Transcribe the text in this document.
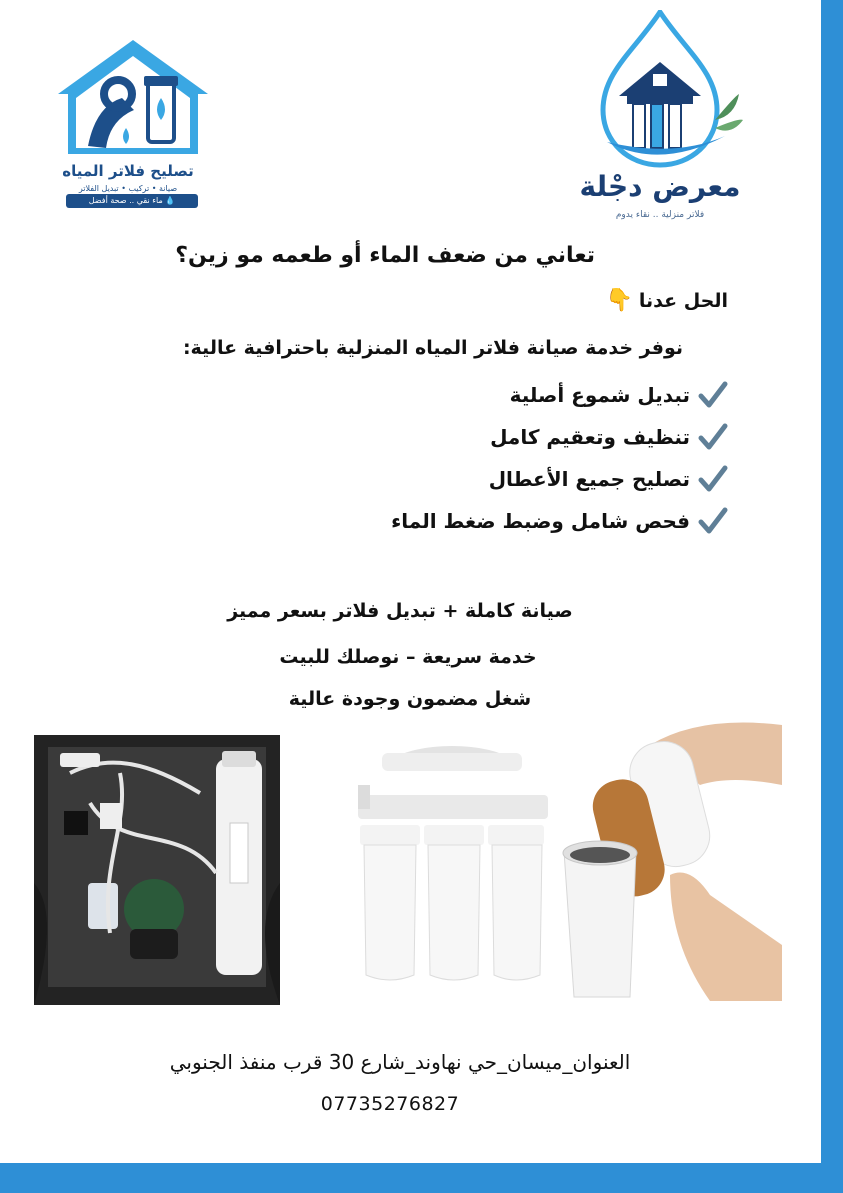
تصليح فلاتر المياه
صيانة • تركيب • تبديل الفلاتر
💧 ماء نقي .. صحة أفضل	معرض دجْلة
فلاتر منزلية .. نقاء يدوم
تعاني من ضعف الماء أو طعمه مو زين؟
الحل عدنا👇
نوفر خدمة صيانة فلاتر المياه المنزلية باحترافية عالية:
تبديل شموع أصلية
تنظيف وتعقيم كامل
تصليح جميع الأعطال
فحص شامل وضبط ضغط الماء
صيانة كاملة + تبديل فلاتر بسعر مميز
خدمة سريعة – نوصلك للبيت
شغل مضمون وجودة عالية
العنوان_ميسان_حي نهاوند_شارع 30 قرب منفذ الجنوبي
07735276827
